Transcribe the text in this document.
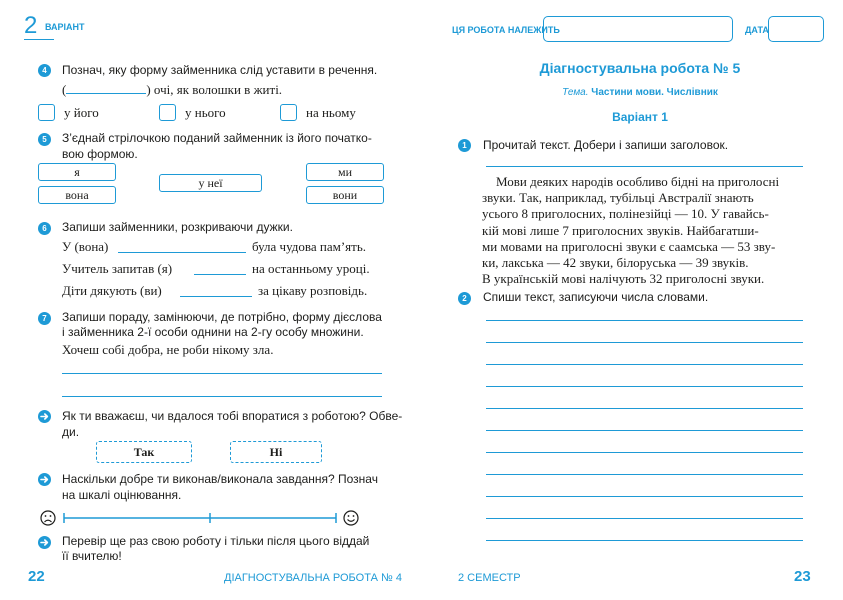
2 ВАРІАНТ
4	Познач, яку форму займенника слід уставити в речення.
(	) очі, як волошки в житі.
у його	у нього	на ньому
5	З’єднай стрілочкою поданий займенник із його початко-
вою формою.
я
вона
у неї
ми
вони
6	Запиши займенники, розкриваючи дужки.
У (вона)	була чудова пам’ять.
Учитель запитав (я)	на останньому уроці.
Діти дякують (ви)	за цікаву розповідь.
7	Запиши пораду, замінюючи, де потрібно, форму дієслова
і займенника 2-ї особи однини на 2-гу особу множини.
Хочеш собі добра, не роби нікому зла.
Як ти вважаєш, чи вдалося тобі впоратися з роботою? Обве-
ди.
Так	Ні
Наскільки добре ти виконав/виконала завдання? Познач
на шкалі оцінювання.
Перевір ще раз свою роботу і тільки після цього віддай
її вчителю!
22	ДІАГНОСТУВАЛЬНА РОБОТА № 4
ЦЯ РОБОТА НАЛЕЖИТЬ	ДАТА
Діагностувальна робота № 5
Тема. Частини мови. Числівник
Варіант 1
1	Прочитай текст. Добери і запиши заголовок.
Мови деяких народів особливо бідні на приголосні
звуки. Так, наприклад, тубільці Австралії знають
усього 8 приголосних, полінезійці — 10. У гавайсь-
кій мові лише 7 приголосних звуків. Найбагатши-
ми мовами на приголосні звуки є саамська — 53 зву-
ки, лакська — 42 звуки, білоруська — 39 звуків.
В українській мові налічують 32 приголосні звуки.
2	Спиши текст, записуючи числа словами.
2 СЕМЕСТР	23
